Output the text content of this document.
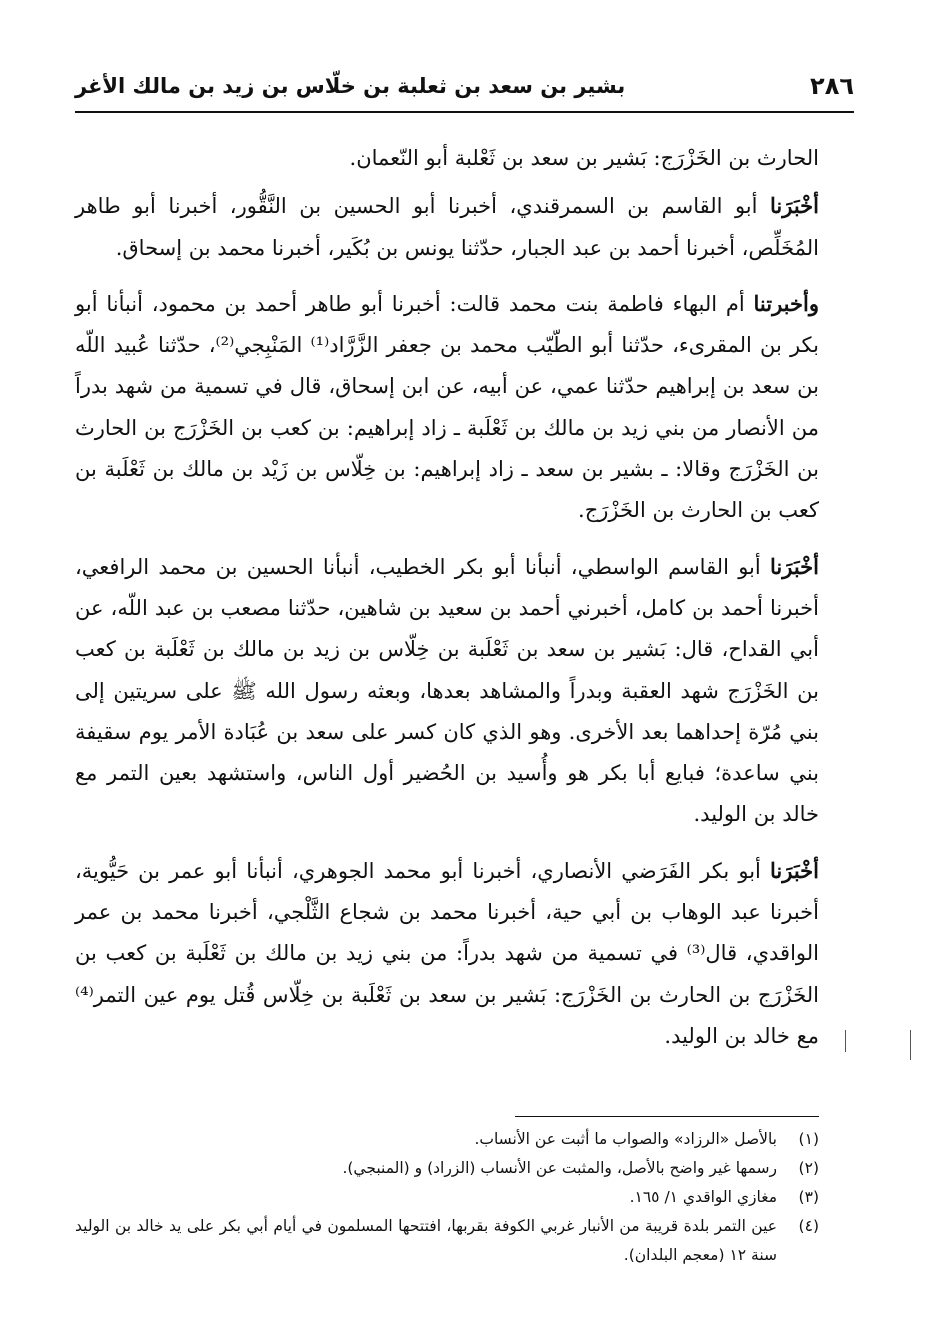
٢٨٦
بشير بن سعد بن ثعلبة بن خلّاس بن زيد بن مالك الأغر

الحارث بن الخَزْرَج: بَشير بن سعد بن ثَعْلبة أبو النّعمان.

أخْبَرَنا أبو القاسم بن السمرقندي، أخبرنا أبو الحسين بن النَّقُّور، أخبرنا أبو طاهر المُخَلِّص، أخبرنا أحمد بن عبد الجبار، حدّثنا يونس بن بُكَير، أخبرنا محمد بن إسحاق.

وأخبرتنا أم البهاء فاطمة بنت محمد قالت: أخبرنا أبو طاهر أحمد بن محمود، أنبأنا أبو بكر بن المقرىء، حدّثنا أبو الطّيّب محمد بن جعفر الزَّرَّاد⁽¹⁾ المَنْبِجي⁽²⁾، حدّثنا عُبيد اللّه بن سعد بن إبراهيم حدّثنا عمي، عن أبيه، عن ابن إسحاق، قال في تسمية من شهد بدراً من الأنصار من بني زيد بن مالك بن ثَعْلَبة ـ زاد إبراهيم: بن كعب بن الخَزْرَج بن الحارث بن الخَزْرَج وقالا: ـ بشير بن سعد ـ زاد إبراهيم: بن خِلّاس بن زَيْد بن مالك بن ثَعْلَبة بن كعب بن الحارث بن الخَزْرَج.

أخْبَرَنا أبو القاسم الواسطي، أنبأنا أبو بكر الخطيب، أنبأنا الحسين بن محمد الرافعي، أخبرنا أحمد بن كامل، أخبرني أحمد بن سعيد بن شاهين، حدّثنا مصعب بن عبد اللّه، عن أبي القداح، قال: بَشير بن سعد بن ثَعْلَبة بن خِلّاس بن زيد بن مالك بن ثَعْلَبة بن كعب بن الخَزْرَج شهد العقبة وبدراً والمشاهد بعدها، وبعثه رسول الله ﷺ على سريتين إلى بني مُرّة إحداهما بعد الأخرى. وهو الذي كان كسر على سعد بن عُبَادة الأمر يوم سقيفة بني ساعدة؛ فبايع أبا بكر هو وأُسيد بن الحُضير أول الناس، واستشهد بعين التمر مع خالد بن الوليد.

أخْبَرَنا أبو بكر الفَرَضي الأنصاري، أخبرنا أبو محمد الجوهري، أنبأنا أبو عمر بن حَيُّوية، أخبرنا عبد الوهاب بن أبي حية، أخبرنا محمد بن شجاع الثَّلْجي، أخبرنا محمد بن عمر الواقدي، قال⁽³⁾ في تسمية من شهد بدراً: من بني زيد بن مالك بن ثَعْلَبة بن كعب بن الخَزْرَج بن الحارث بن الخَزْرَج: بَشير بن سعد بن ثَعْلَبة بن خِلّاس قُتل يوم عين التمر⁽⁴⁾ مع خالد بن الوليد.

(١)
بالأصل «الرزاد» والصواب ما أثبت عن الأنساب.
(٢)
رسمها غير واضح بالأصل، والمثبت عن الأنساب (الزراد) و (المنبجي).
(٣)
مغازي الواقدي ١/ ١٦٥.
(٤)
عين التمر بلدة قريبة من الأنبار غربي الكوفة بقربها، افتتحها المسلمون في أيام أبي بكر على يد خالد بن الوليد سنة ١٢ (معجم البلدان).
